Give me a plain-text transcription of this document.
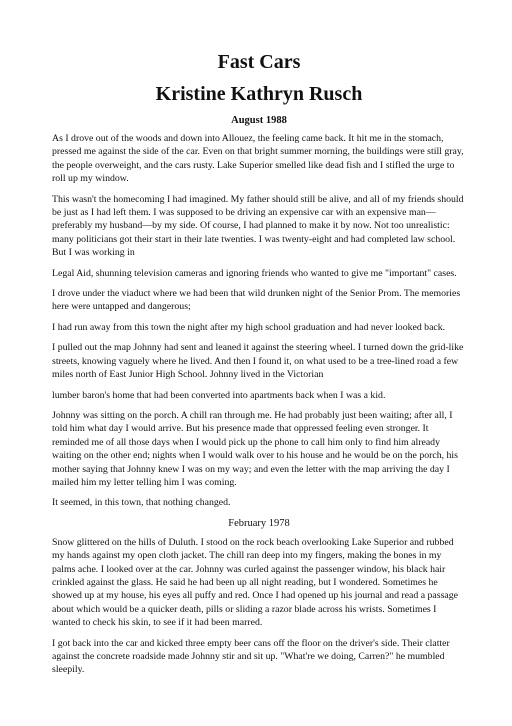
Fast Cars
Kristine Kathryn Rusch
August 1988

As I drove out of the woods and down into Allouez, the feeling came back. It hit me in the stomach, pressed me against the side of the car. Even on that bright summer morning, the buildings were still gray, the people overweight, and the cars rusty. Lake Superior smelled like dead fish and I stifled the urge to roll up my window.

This wasn't the homecoming I had imagined. My father should still be alive, and all of my friends should be just as I had left them. I was supposed to be driving an expensive car with an expensive man—preferably my husband—by my side. Of course, I had planned to make it by now. Not too unrealistic: many politicians got their start in their late twenties. I was twenty-eight and had completed law school. But I was working in

Legal Aid, shunning television cameras and ignoring friends who wanted to give me "important" cases.

I drove under the viaduct where we had been that wild drunken night of the Senior Prom. The memories here were untapped and dangerous;

I had run away from this town the night after my high school graduation and had never looked back.

I pulled out the map Johnny had sent and leaned it against the steering wheel. I turned down the grid-like streets, knowing vaguely where he lived. And then I found it, on what used to be a tree-lined road a few miles north of East Junior High School. Johnny lived in the Victorian

lumber baron's home that had been converted into apartments back when I was a kid.

Johnny was sitting on the porch. A chill ran through me. He had probably just been waiting; after all, I told him what day I would arrive. But his presence made that oppressed feeling even stronger. It reminded me of all those days when I would pick up the phone to call him only to find him already waiting on the other end; nights when I would walk over to his house and he would be on the porch, his mother saying that Johnny knew I was on my way; and even the letter with the map arriving the day I mailed him my letter telling him I was coming.

It seemed, in this town, that nothing changed.

February 1978

Snow glittered on the hills of Duluth. I stood on the rock beach overlooking Lake Superior and rubbed my hands against my open cloth jacket. The chill ran deep into my fingers, making the bones in my palms ache. I looked over at the car. Johnny was curled against the passenger window, his black hair crinkled against the glass. He said he had been up all night reading, but I wondered. Sometimes he showed up at my house, his eyes all puffy and red. Once I had opened up his journal and read a passage about which would be a quicker death, pills or sliding a razor blade across his wrists. Sometimes I wanted to check his skin, to see if it had been marred.

I got back into the car and kicked three empty beer cans off the floor on the driver's side. Their clatter against the concrete roadside made Johnny stir and sit up. "What're we doing, Carren?" he mumbled sleepily.
